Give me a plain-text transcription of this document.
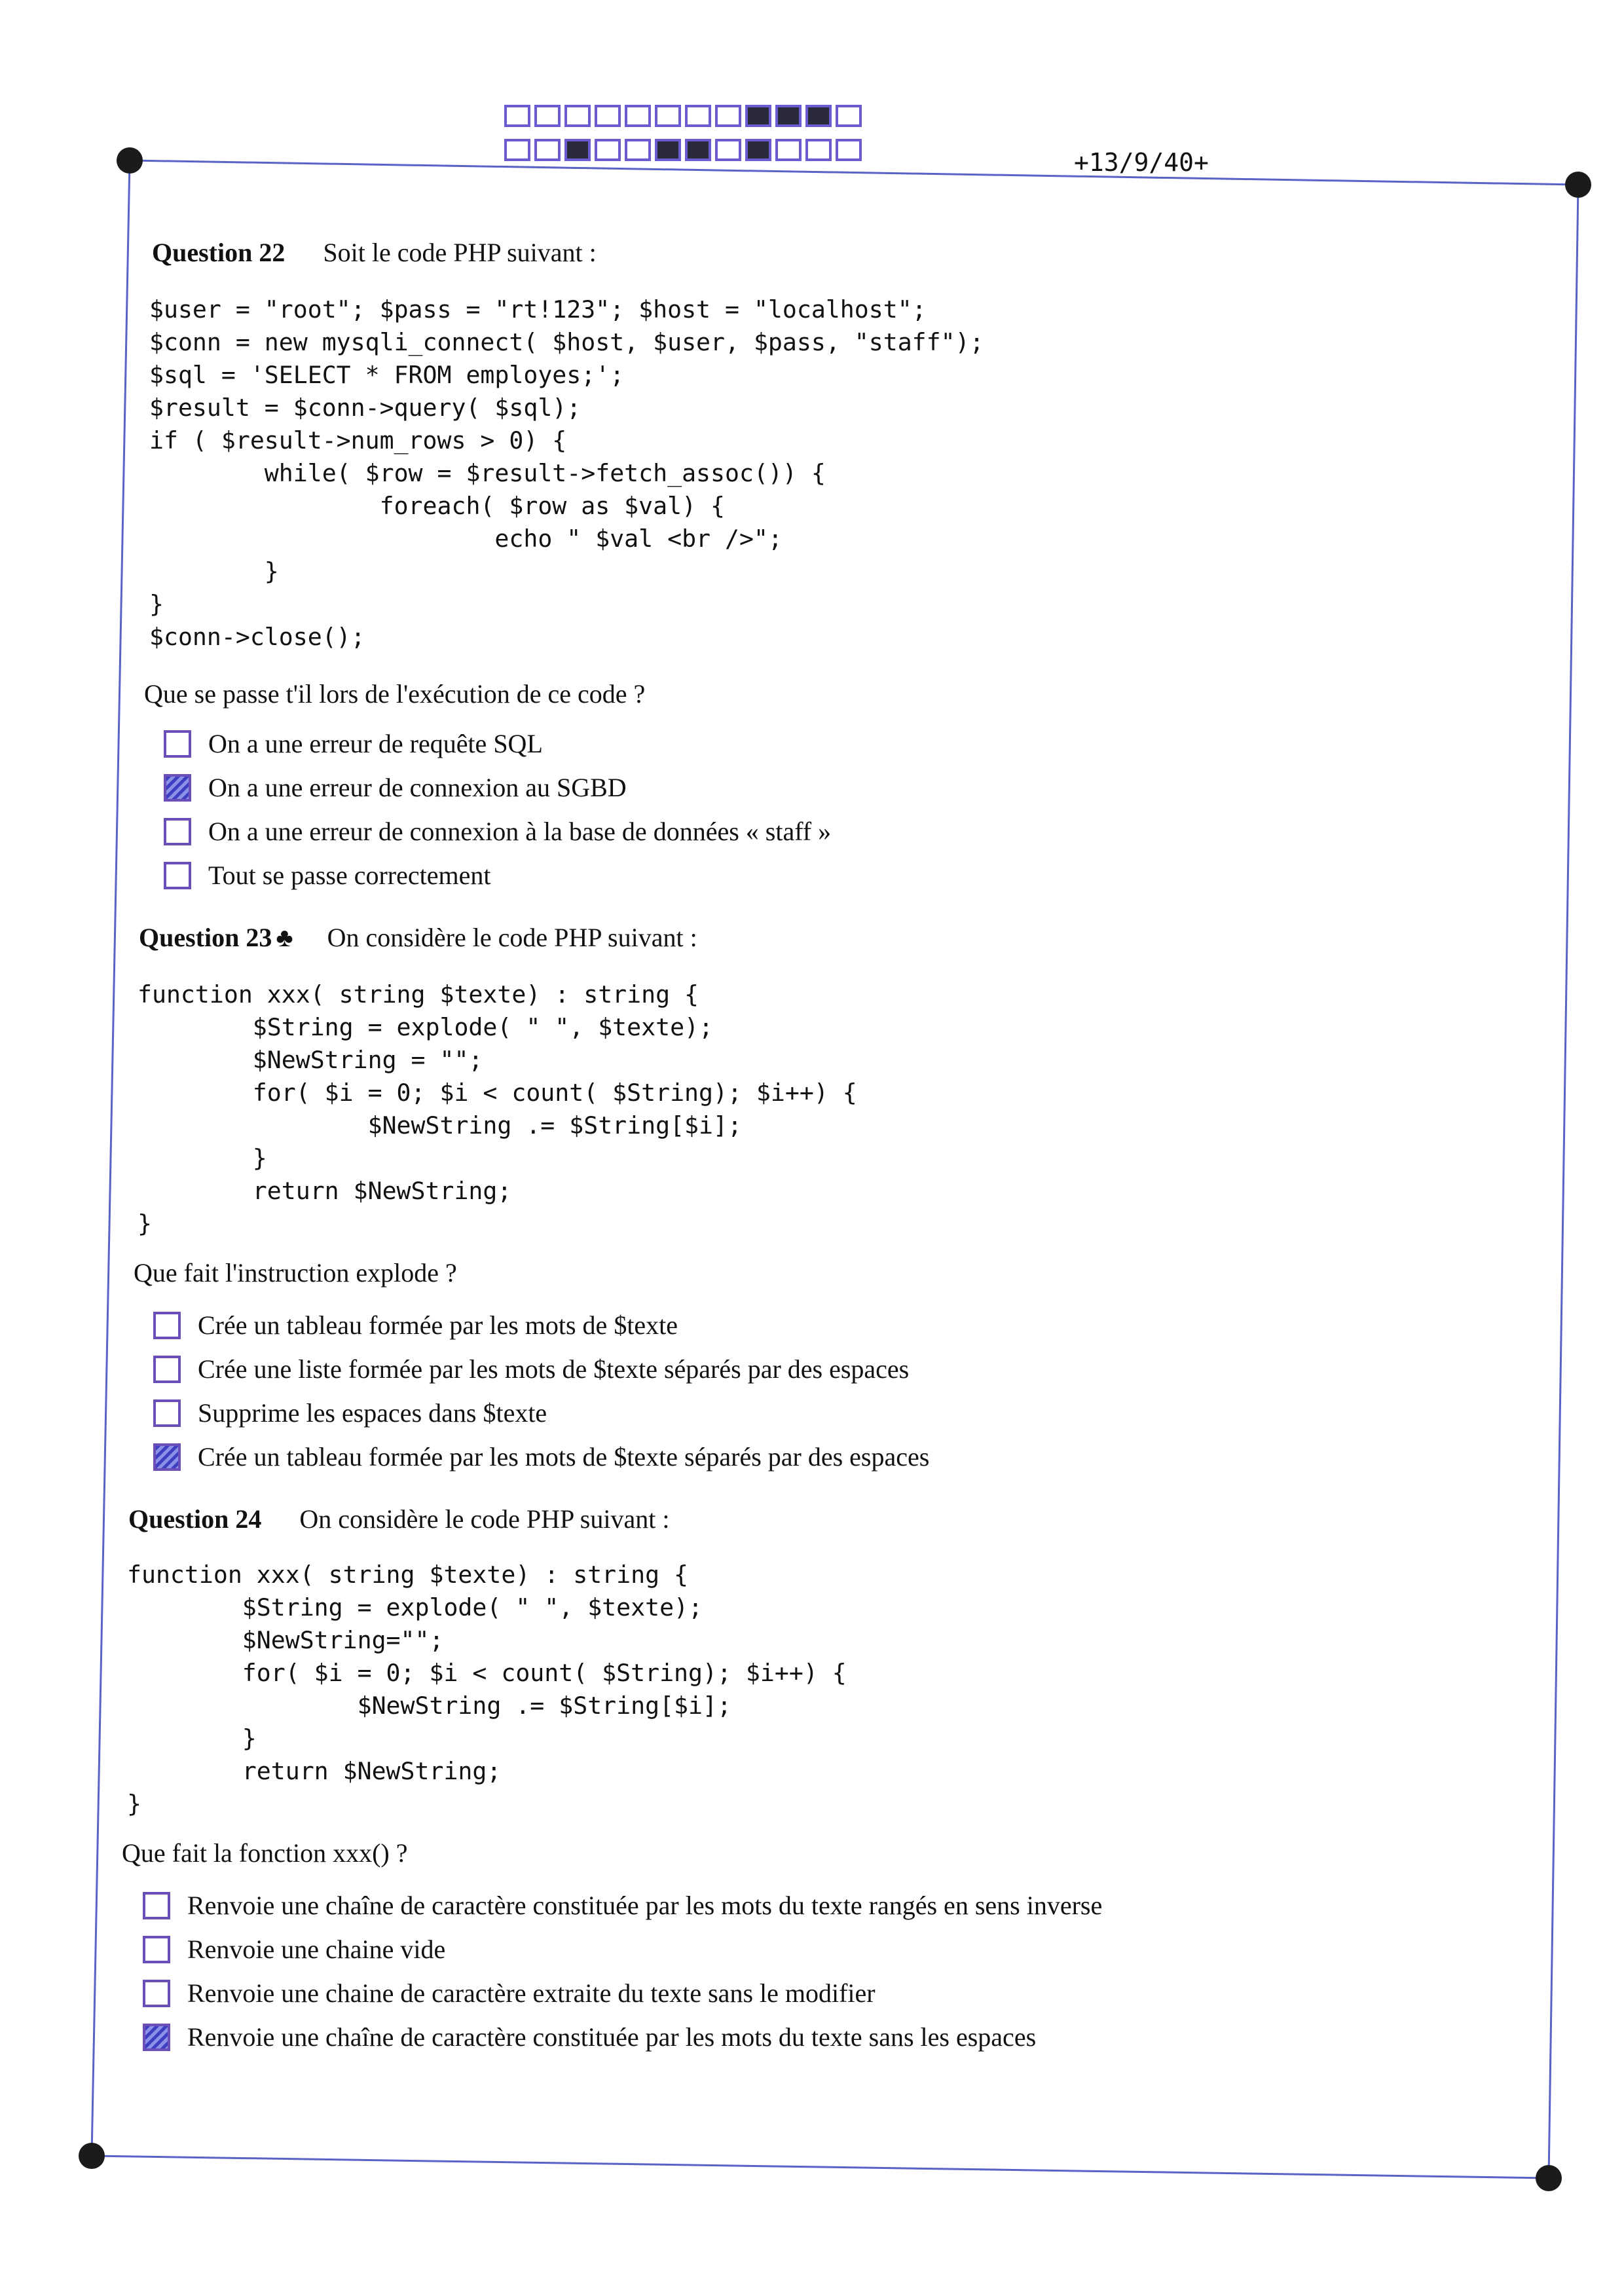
+13/9/40+
Question 22 Soit le code PHP suivant :
$user = "root"; $pass = "rt!123"; $host = "localhost";
$conn = new mysqli_connect( $host, $user, $pass, "staff");
$sql = 'SELECT * FROM employes;';
$result = $conn->query( $sql);
if ( $result->num_rows > 0) {
while( $row = $result->fetch_assoc()) {
foreach( $row as $val) {
echo " $val <br />";
}
}
$conn->close();
Que se passe t'il lors de l'exécution de ce code ?
On a une erreur de requête SQL
On a une erreur de connexion au SGBD
On a une erreur de connexion à la base de données « staff »
Tout se passe correctement
Question 23 ♣ On considère le code PHP suivant :
function xxx( string $texte) : string {
$String = explode( " ", $texte);
$NewString = "";
for( $i = 0; $i < count( $String); $i++) {
$NewString .= $String[$i];
}
return $NewString;
}
Que fait l'instruction explode ?
Crée un tableau formée par les mots de $texte
Crée une liste formée par les mots de $texte séparés par des espaces
Supprime les espaces dans $texte
Crée un tableau formée par les mots de $texte séparés par des espaces
Question 24 On considère le code PHP suivant :
function xxx( string $texte) : string {
$String = explode( " ", $texte);
$NewString="";
for( $i = 0; $i < count( $String); $i++) {
$NewString .= $String[$i];
}
return $NewString;
}
Que fait la fonction xxx() ?
Renvoie une chaîne de caractère constituée par les mots du texte rangés en sens inverse
Renvoie une chaine vide
Renvoie une chaine de caractère extraite du texte sans le modifier
Renvoie une chaîne de caractère constituée par les mots du texte sans les espaces
